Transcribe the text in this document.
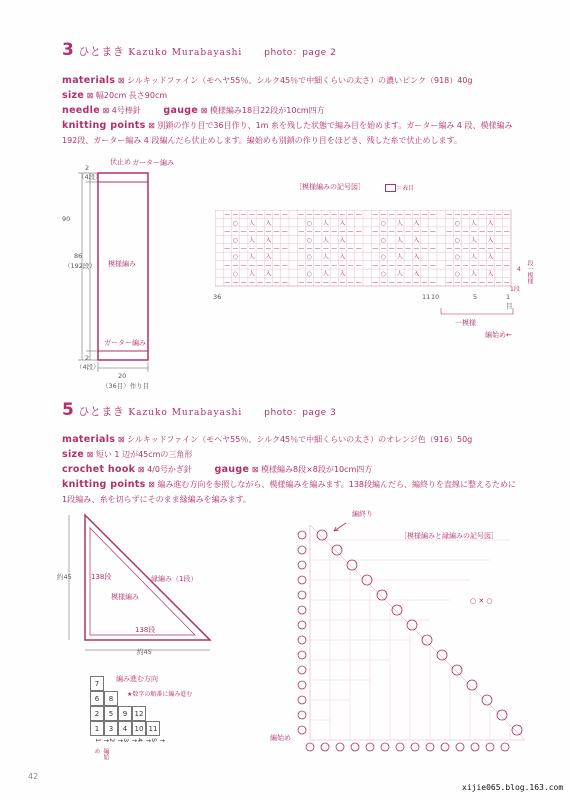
3 ひとまき Kazuko Murabayashi photo：page 2
materials ⊠ シルキッドファイン（モヘヤ55％、シルク45％で中細くらいの太さ）の濃いピンク（918）40g
size ⊠ 幅20cm 長さ90cm
needle ⊠ 4号棒針 gauge ⊠ 模様編み18目22段が10cm四方
knitting points ⊠ 別鎖の作り目で36目作り、1m 糸を残した状態で編み目を始めます。ガーター編み 4 段、模様編み
192段、ガーター編み 4 段編んだら伏止めします。編始めも別鎖の作り目をほどき、残した糸で伏止めします。
伏止め ガーター編み
模様編み
ガーター編み
2
（4段）
90
86
（192段）
2
（4段）
20
（36目）作り目
［模様編みの記号図］	＝表目
— — — — — — — — — — — — — — — — — — — — — — — — — — — — — — — —
○ 人 入	○ 人 入	○ 人 入	○ 人 入
— — — — — — — — — — — — — — — — — — — — — — — — — — — — — — — —
○ 人 入	○ 人 入	○ 人 入	○ 人 入
— — — — — — — — — — — — — — — — — — — — — — — — — — — — — — — —
○ 人 入	○ 人 入	○ 人 入	○ 人 入
— — — — — — — — — — — — — — — — — — — — — — — — — — — — — — — —
○ 人 入	○ 人 入	○ 人 入	○ 人 入
— — — — — — — — — — — — — — — — — — — — — — — — — — — — — — — —
4 段一模様
1段
36	11 10	5	1
目
一模様
編始め←
5 ひとまき Kazuko Murabayashi photo：page 3
materials ⊠ シルキッドファイン（モヘヤ55％、シルク45％で中細くらいの太さ）のオレンジ色（916）50g
size ⊠ 短い 1 辺が45cmの三角形
crochet hook ⊠ 4/0号かぎ針 gauge ⊠ 模様編み8段×8段が10cm四方
knitting points ⊠ 編み進む方向を参照しながら、模様編みを編みます。138段編んだら、編終りを直線に整えるために
1段編み、糸を切らずにそのまま縁編みを編みます。
約45	138段
模様編み
縁編み（1段）
138段
約45
編み進む方向
★数字の順番に編み進む
7
6	8
2	5	9	12
1	3	4	10 11
↑ 1	↑ 2	↑ 3	↑ 4	↑ 5
編始め
編終り
［模様編みと縁編みの記号図］
編始め
○ ✕ ○
42
xijie065.blog.163.com
